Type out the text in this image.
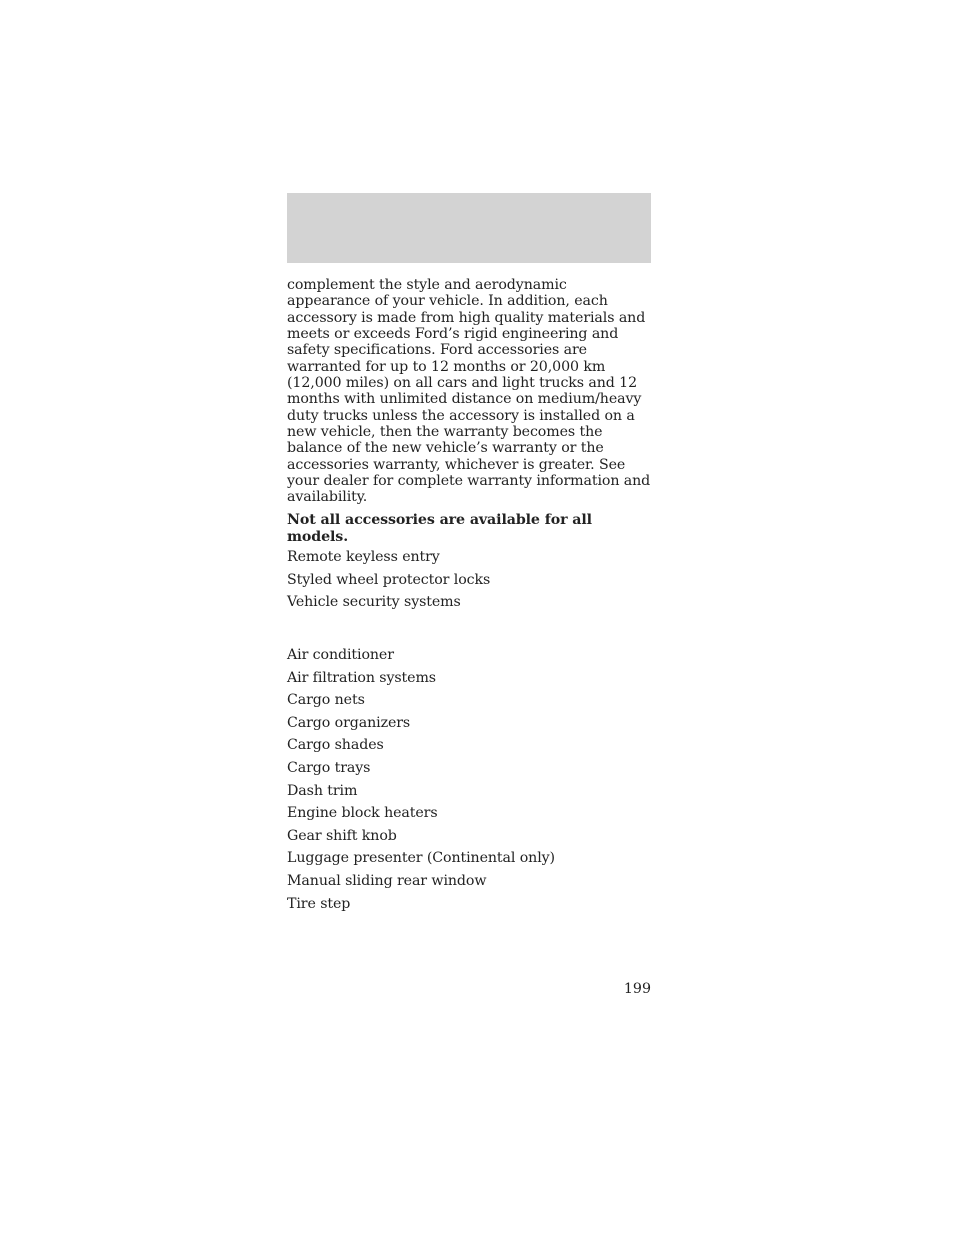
complement the style and aerodynamic appearance of your vehicle. In addition, each accessory is made from high quality materials and meets or exceeds Ford’s rigid engineering and safety specifications. Ford accessories are warranted for up to 12 months or 20,000 km (12,000 miles) on all cars and light trucks and 12 months with unlimited distance on medium/heavy duty trucks unless the accessory is installed on a new vehicle, then the warranty becomes the balance of the new vehicle’s warranty or the accessories warranty, whichever is greater. See your dealer for complete warranty information and availability.

Not all accessories are available for all models.

Remote keyless entry
Styled wheel protector locks
Vehicle security systems
Air conditioner
Air filtration systems
Cargo nets
Cargo organizers
Cargo shades
Cargo trays
Dash trim
Engine block heaters
Gear shift knob
Luggage presenter (Continental only)
Manual sliding rear window
Tire step
199
